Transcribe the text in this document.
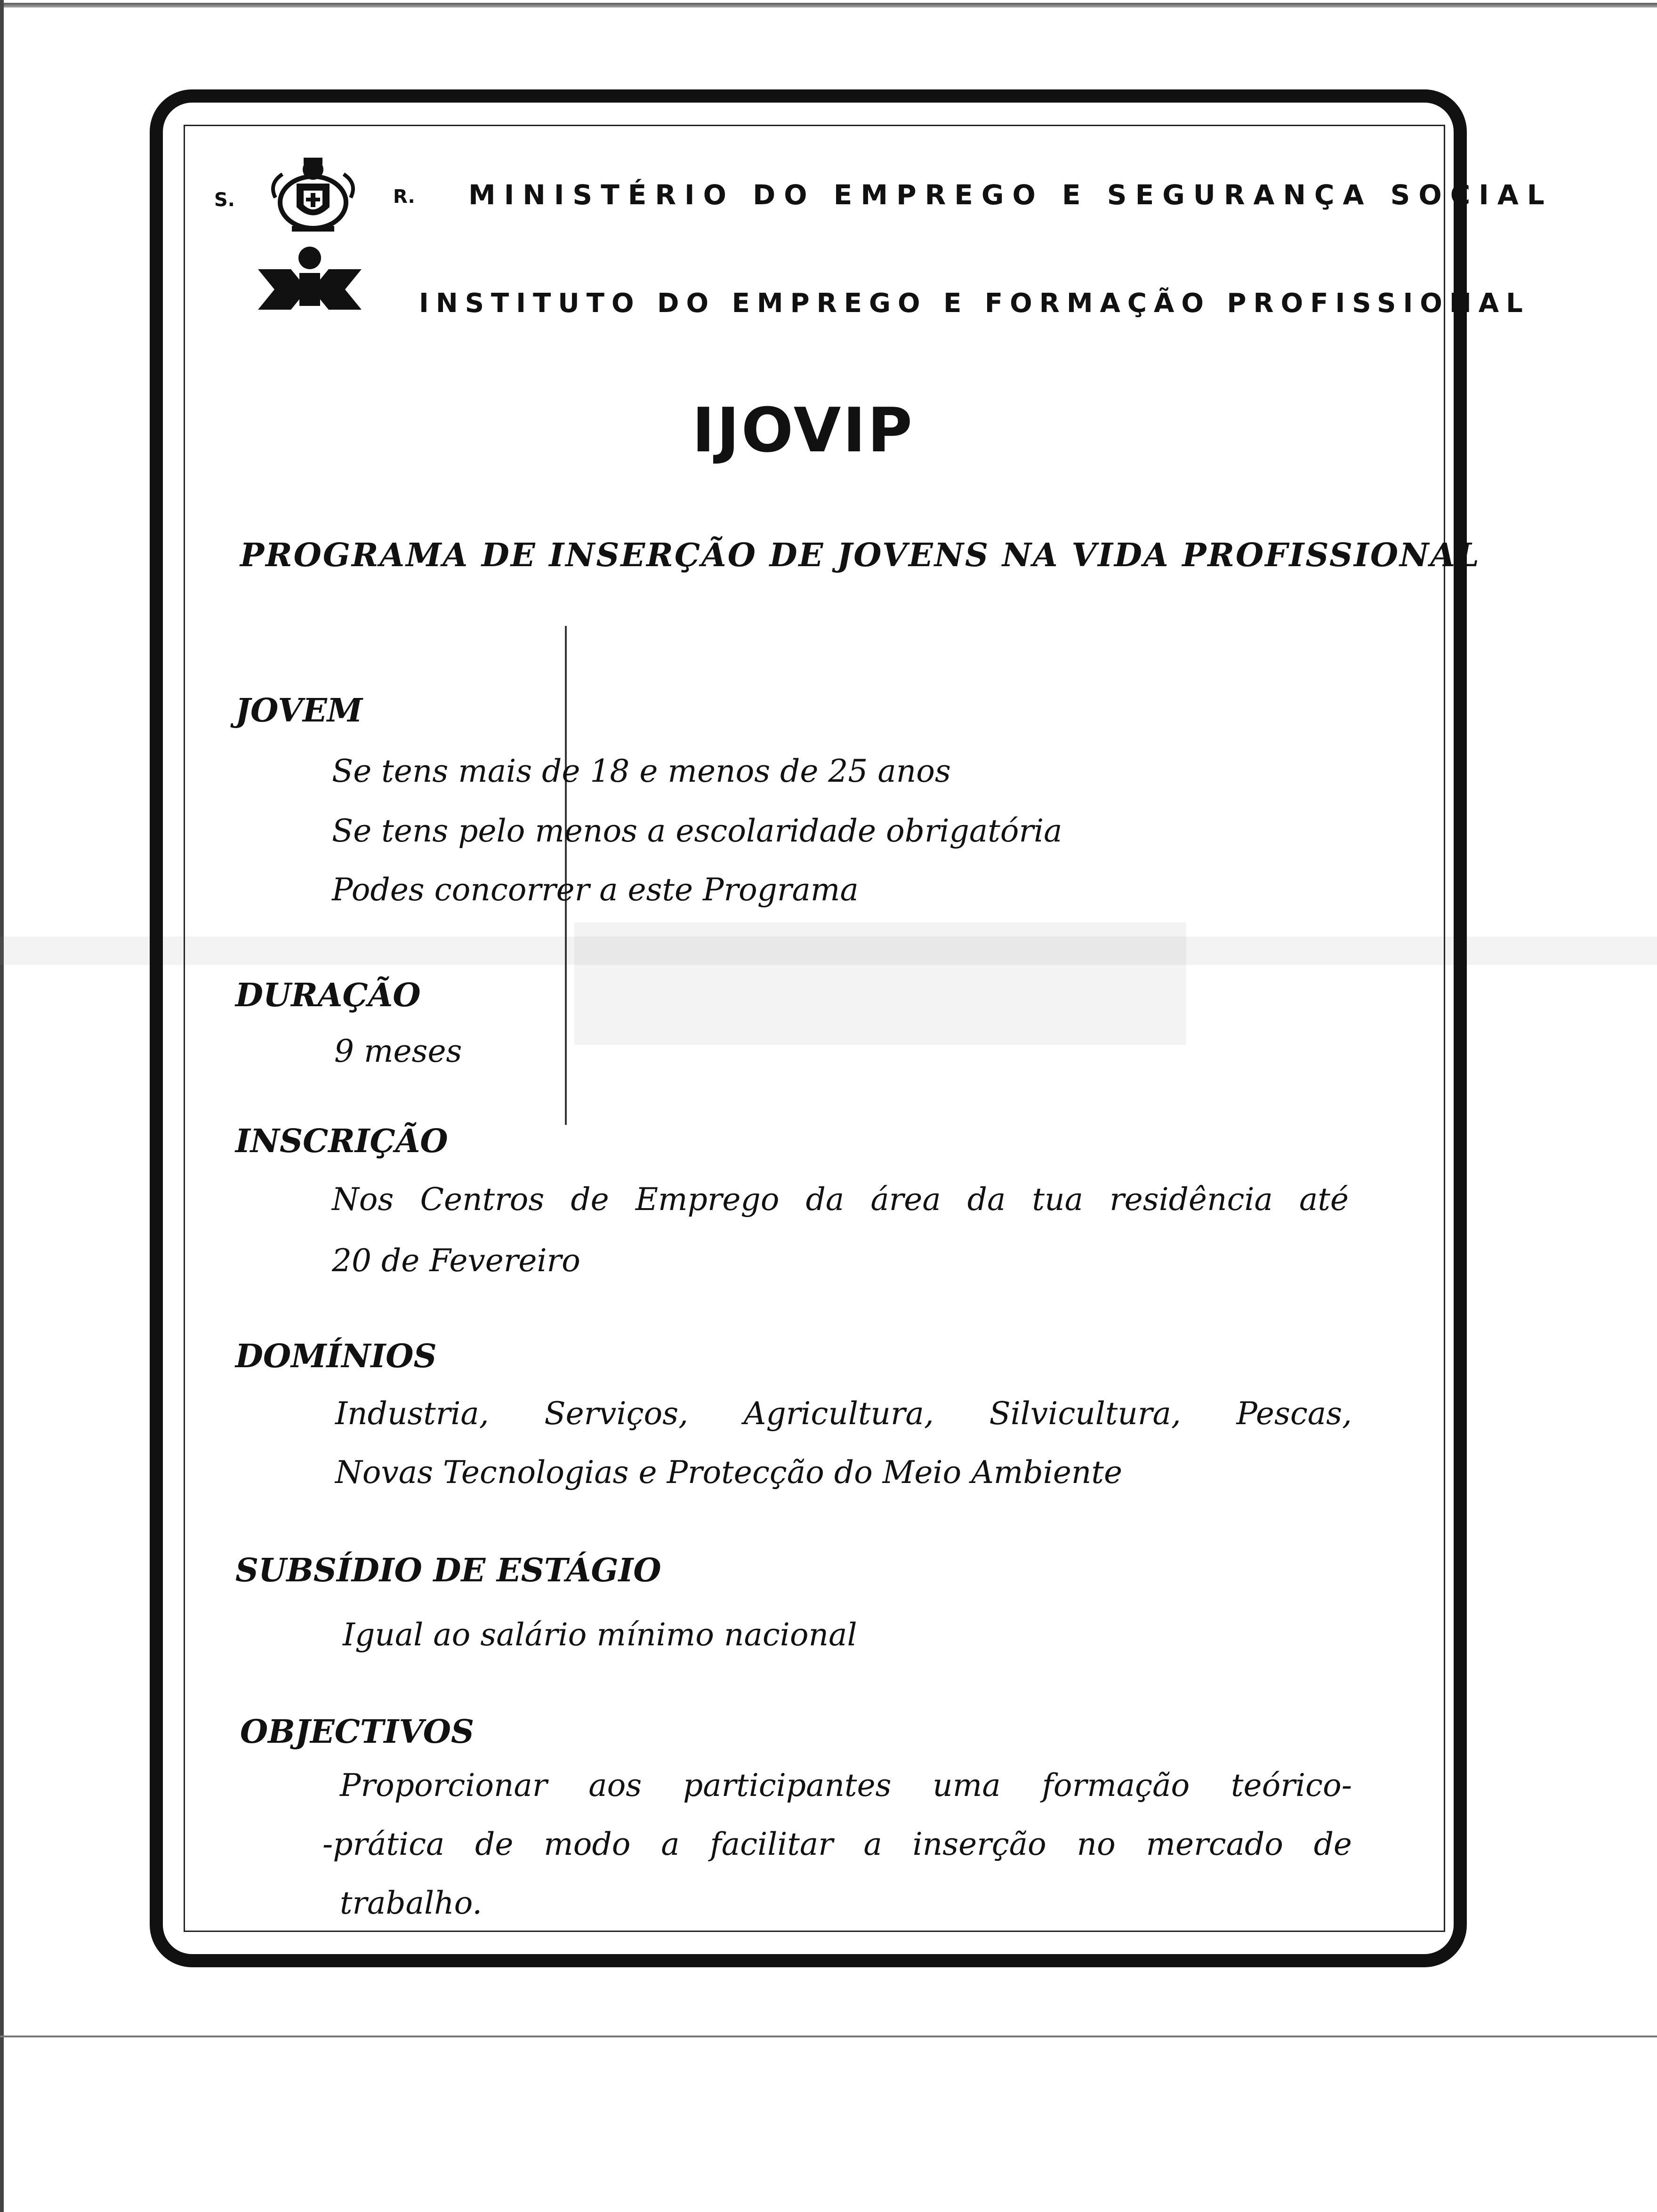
S.	R. MINISTÉRIO DO EMPREGO E SEGURANÇA SOCIAL
INSTITUTO DO EMPREGO E FORMAÇÃO PROFISSIONAL
IJOVIP
PROGRAMA DE INSERÇÃO DE JOVENS NA VIDA PROFISSIONAL
JOVEM
Se tens mais de 18 e menos de 25 anos
Se tens pelo menos a escolaridade obrigatória
Podes concorrer a este Programa
DURAÇÃO
9 meses
INSCRIÇÃO
Nos Centros de Emprego da área da tua residência até
20 de Fevereiro
DOMÍNIOS
Industria, Serviços, Agricultura, Silvicultura, Pescas,
Novas Tecnologias e Protecção do Meio Ambiente
SUBSÍDIO DE ESTÁGIO
Igual ao salário mínimo nacional
OBJECTIVOS
Proporcionar aos participantes uma formação teórico-
-prática de modo a facilitar a inserção no mercado de
trabalho.
